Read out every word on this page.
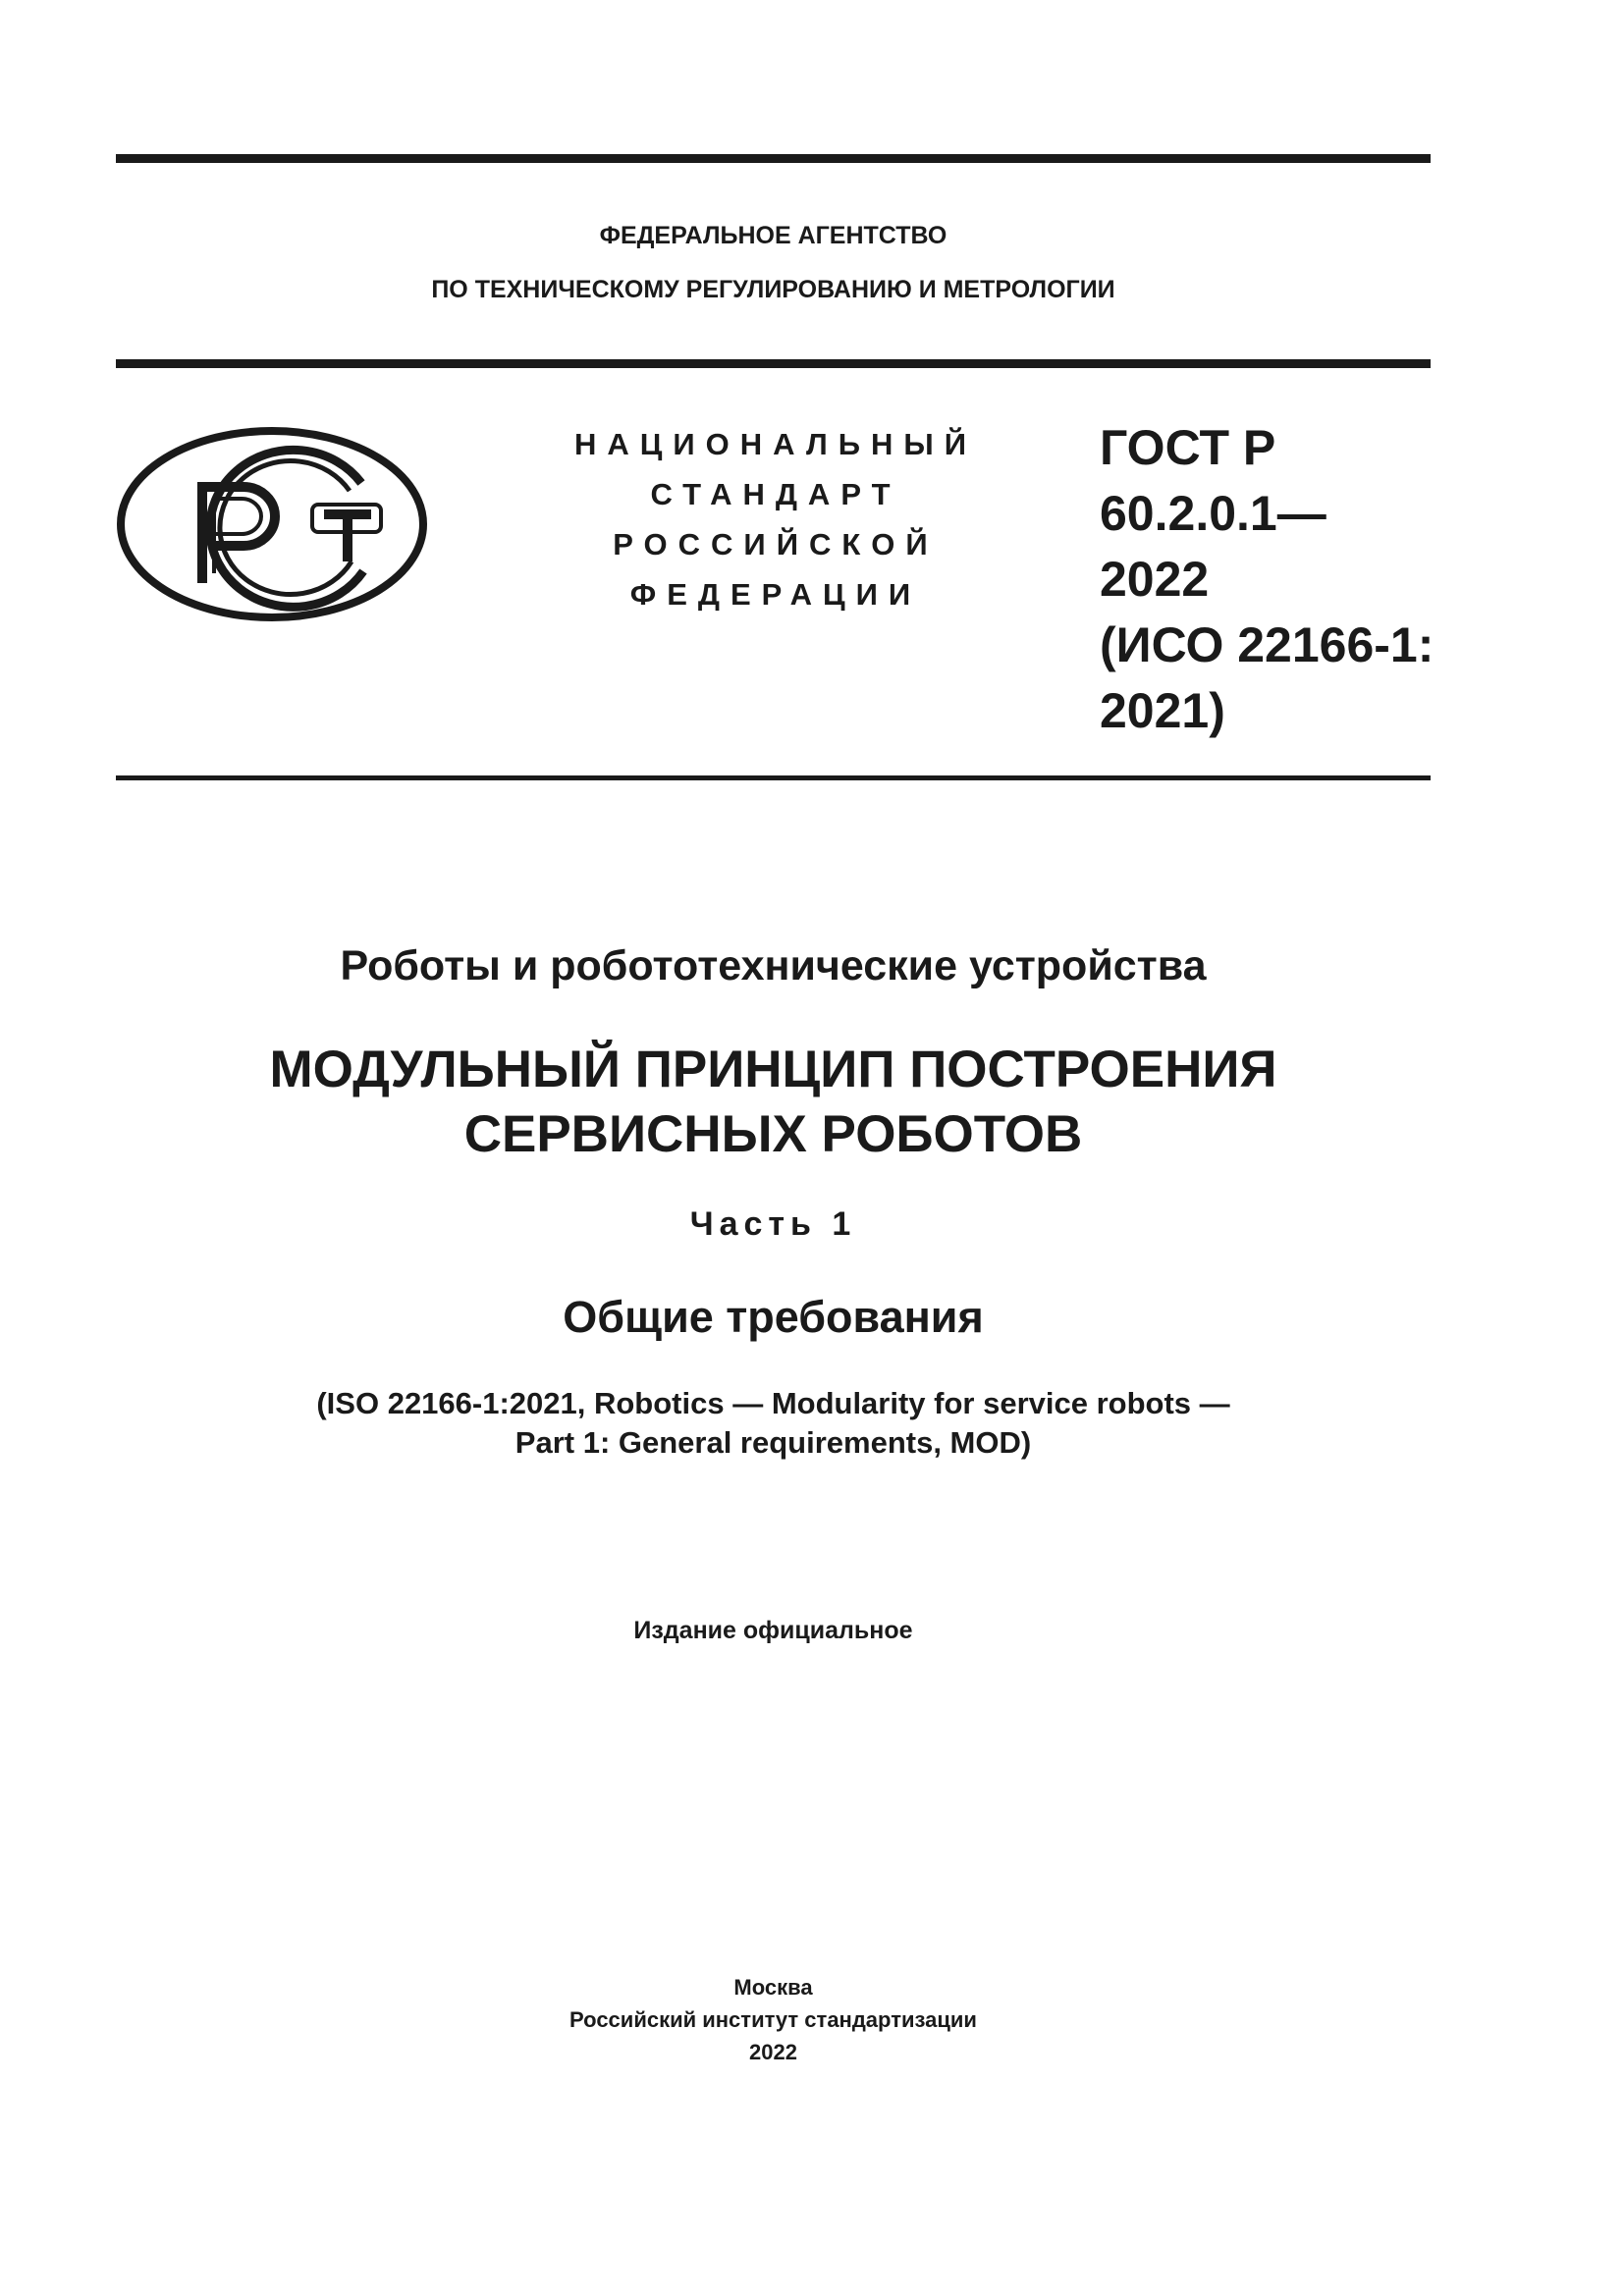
ФЕДЕРАЛЬНОЕ АГЕНТСТВО
ПО ТЕХНИЧЕСКОМУ РЕГУЛИРОВАНИЮ И МЕТРОЛОГИИ
НАЦИОНАЛЬНЫЙ
СТАНДАРТ
РОССИЙСКОЙ
ФЕДЕРАЦИИ
ГОСТ Р
60.2.0.1—
2022
(ИСО 22166-1:
2021)
Роботы и робототехнические устройства
МОДУЛЬНЫЙ ПРИНЦИП ПОСТРОЕНИЯ
СЕРВИСНЫХ РОБОТОВ
Часть 1
Общие требования
(ISO 22166-1:2021, Robotics — Modularity for service robots —
Part 1: General requirements, MOD)
Издание официальное
Москва
Российский институт стандартизации
2022
